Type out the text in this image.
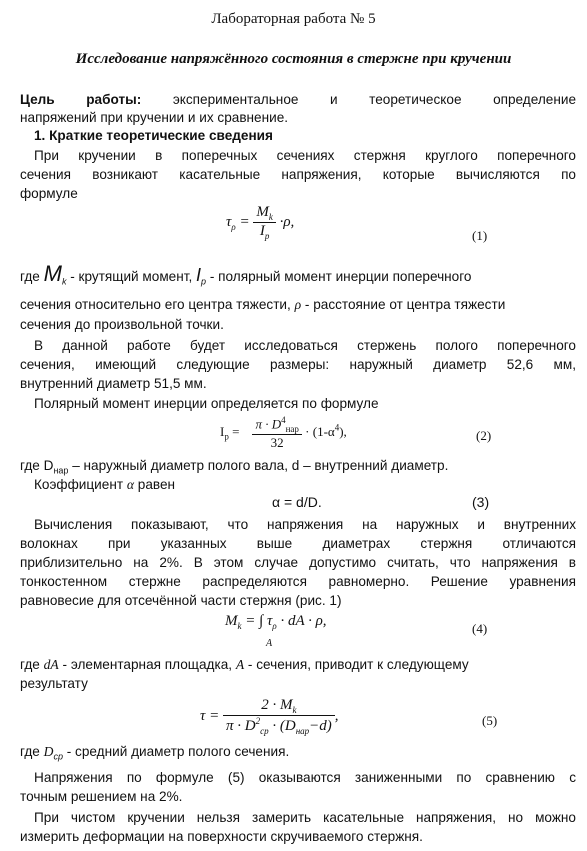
Лабораторная работа № 5
Исследование напряжённого состояния в стержне при кручении
Цель работы: экспериментальное и теоретическое определение
напряжений при кручении и их сравнение.
1. Краткие теоретические сведения
При кручении в поперечных сечениях стержня круглого поперечного
сечения возникают касательные напряжения, которые вычисляются по
формуле
$\tau_\rho = \frac{M_k}{I_p} \cdot\rho$,
(1)
где $M_k$ - крутящий момент, $I_p$ - полярный момент инерции поперечного
сечения относительно его центра тяжести, ρ - расстояние от центра тяжести
сечения до произвольной точки.
В данной работе будет исследоваться стержень полого поперечного
сечения, имеющий следующие размеры: наружный диаметр 52,6 мм,
внутренний диаметр 51,5 мм.
Полярный момент инерции определяется по формуле
$I_p = \frac{\pi \cdot D^4_{нар}}{32} \cdot (1-\alpha^4)$,	(2)
где $D_{нар}$ – наружный диаметр полого вала, d – внутренний диаметр.
Коэффициент α равен
α = d/D.	(3)
Вычисления показывают, что напряжения на наружных и внутренних
волокнах при указанных выше диаметрах стержня отличаются
приблизительно на 2%. В этом случае допустимо считать, что напряжения в
тонкостенном стержне распределяются равномерно. Решение уравнения
равновесие для отсечённой части стержня (рис. 1)
$M_k$ = ∫ $\tau_\rho$ · dA · ρ,
A
(4)
где dA - элементарная площадка, A - сечения, приводит к следующему
результату
$\tau = \frac{2 \cdot M_k}{\pi \cdot D^2_{ср} \cdot (D_{нар}-d)}$ ,	(5)
где $D_{ср}$ - средний диаметр полого сечения.
Напряжения по формуле (5) оказываются заниженными по сравнению с
точным решением на 2%.
При чистом кручении нельзя замерить касательные напряжения, но можно
измерить деформации на поверхности скручиваемого стержня.
